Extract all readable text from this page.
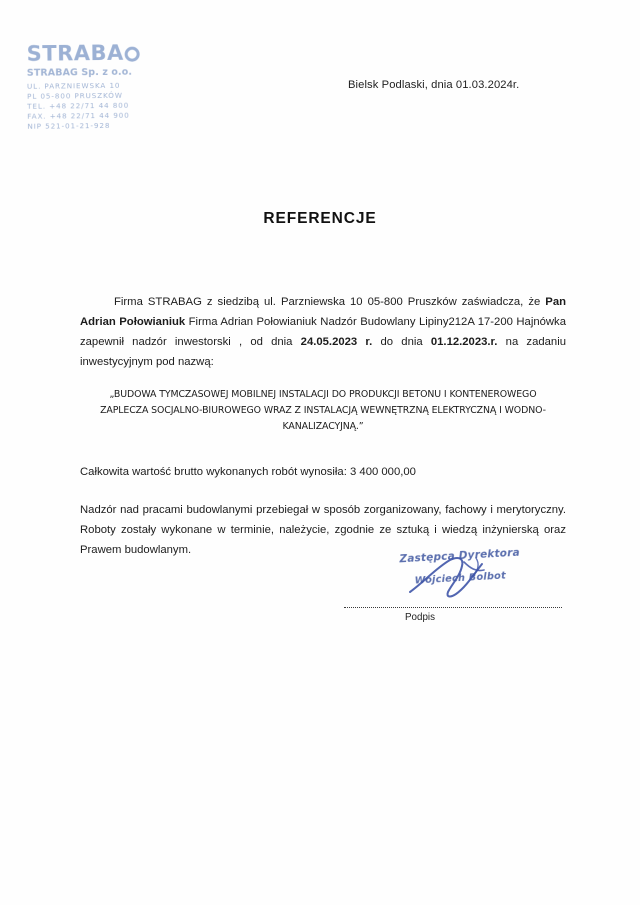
STRABA
STRABAG Sp. z o.o.
UL. PARZNIEWSKA 10
PL 05-800 PRUSZKÓW
TEL. +48 22/71 44 800
FAX. +48 22/71 44 900
NIP 521-01-21-928
Bielsk Podlaski, dnia 01.03.2024r.
REFERENCJE
Firma STRABAG z siedzibą ul. Parzniewska 10 05-800 Pruszków zaświadcza, że Pan Adrian Połowianiuk Firma Adrian Połowianiuk Nadzór Budowlany Lipiny212A 17-200 Hajnówka zapewnił nadzór inwestorski , od dnia 24.05.2023 r. do dnia 01.12.2023.r. na zadaniu inwestycyjnym pod nazwą:
„BUDOWA TYMCZASOWEJ MOBILNEJ INSTALACJI DO PRODUKCJI BETONU I KONTENEROWEGO
ZAPLECZA SOCJALNO-BIUROWEGO WRAZ Z INSTALACJĄ WEWNĘTRZNĄ ELEKTRYCZNĄ I WODNO-
KANALIZACYJNĄ.”
Całkowita wartość brutto wykonanych robót wynosiła: 3 400 000,00
Nadzór nad pracami budowlanymi przebiegał w sposób zorganizowany, fachowy i merytoryczny. Roboty zostały wykonane w terminie, należycie, zgodnie ze sztuką i wiedzą inżynierską oraz Prawem budowlanym.	Zastępca Dyrektora
Wojciech Bolbot
Podpis
